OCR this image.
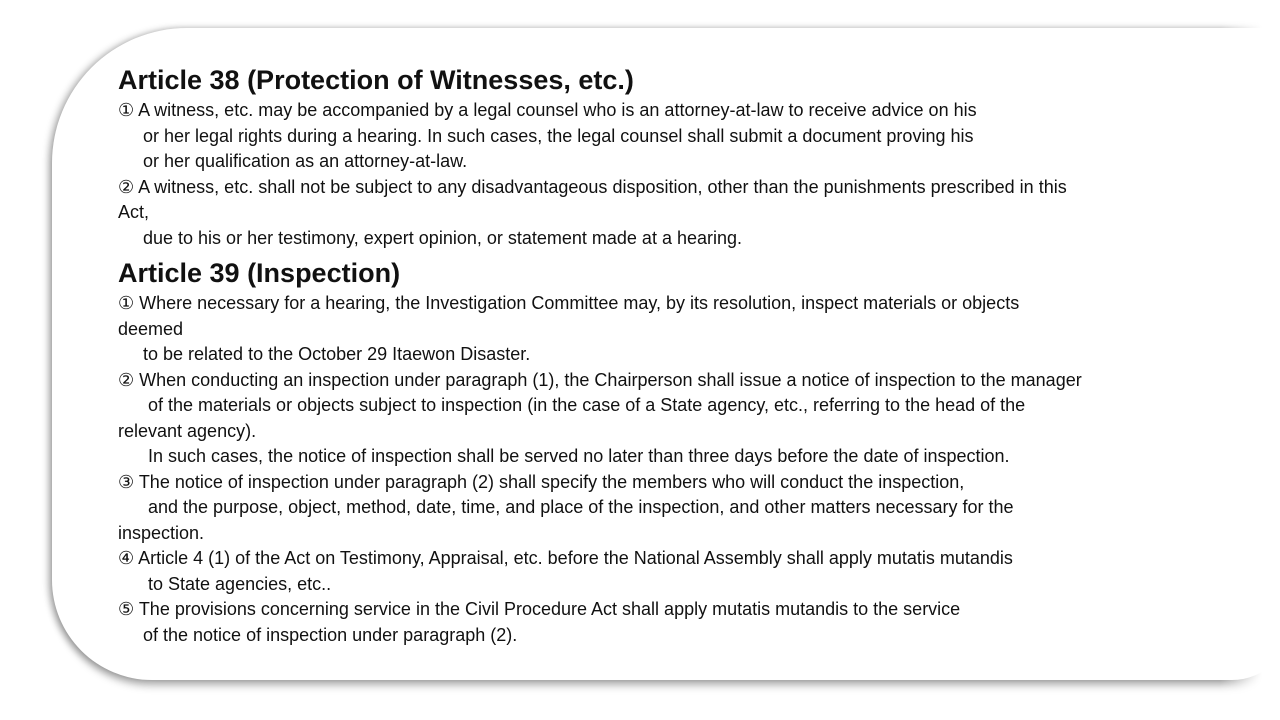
Article 38 (Protection of Witnesses, etc.)

① A witness, etc. may be accompanied by a legal counsel who is an attorney-at-law to receive advice on his

or her legal rights during a hearing. In such cases, the legal counsel shall submit a document proving his

or her qualification as an attorney-at-law.

② A witness, etc. shall not be subject to any disadvantageous disposition, other than the punishments prescribed in this

Act,

due to his or her testimony, expert opinion, or statement made at a hearing.

Article 39 (Inspection)

① Where necessary for a hearing, the Investigation Committee may, by its resolution, inspect materials or objects

deemed

to be related to the October 29 Itaewon Disaster.

② When conducting an inspection under paragraph (1), the Chairperson shall issue a notice of inspection to the manager

of the materials or objects subject to inspection (in the case of a State agency, etc., referring to the head of the

relevant agency).

In such cases, the notice of inspection shall be served no later than three days before the date of inspection.

③ The notice of inspection under paragraph (2) shall specify the members who will conduct the inspection,

and the purpose, object, method, date, time, and place of the inspection, and other matters necessary for the

inspection.

④ Article 4 (1) of the Act on Testimony, Appraisal, etc. before the National Assembly shall apply mutatis mutandis

to State agencies, etc..

⑤ The provisions concerning service in the Civil Procedure Act shall apply mutatis mutandis to the service

of the notice of inspection under paragraph (2).
